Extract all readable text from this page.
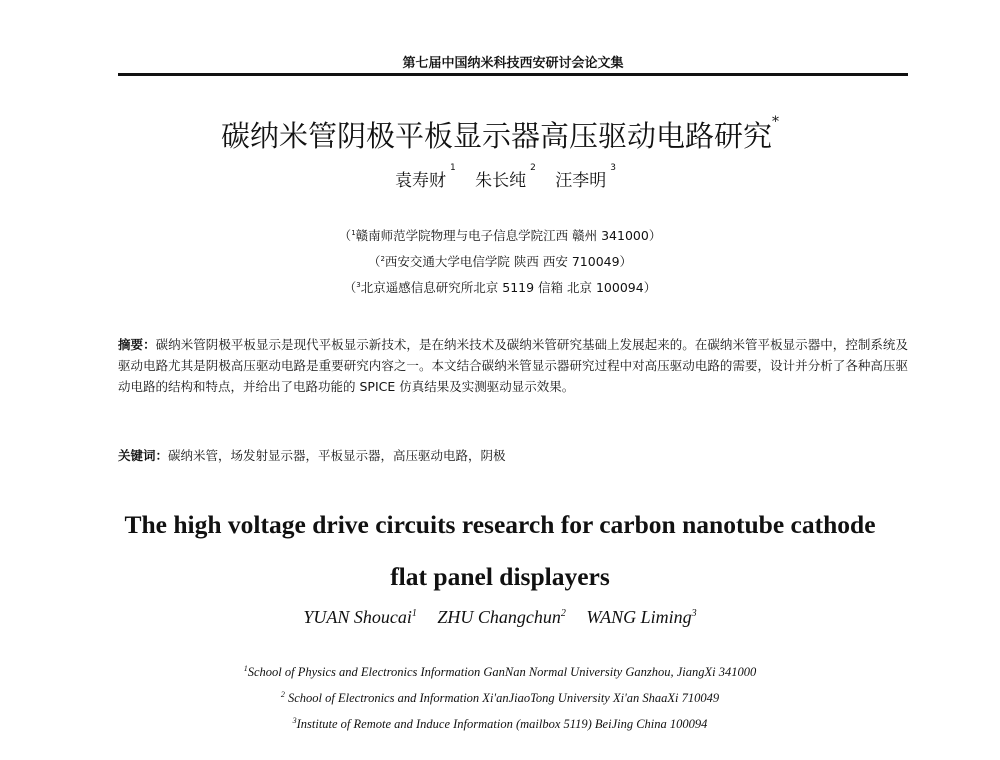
第七届中国纳米科技西安研讨会论文集
碳纳米管阴极平板显示器高压驱动电路研究*
袁寿财$^1$ 朱长纯$^2$ 汪李明$^3$
（$^1$赣南师范学院物理与电子信息学院江西 赣州 341000）
（$^2$西安交通大学电信学院 陕西 西安 710049）
（$^3$北京遥感信息研究所北京 5119 信箱 北京 100094）
摘要：碳纳米管阴极平板显示是现代平板显示新技术，是在纳米技术及碳纳米管研究基础上发展起来的。在碳纳米管平板显示器中，控制系统及驱动电路尤其是阴极高压驱动电路是重要研究内容之一。本文结合碳纳米管显示器研究过程中对高压驱动电路的需要，设计并分析了各种高压驱动电路的结构和特点，并给出了电路功能的 SPICE 仿真结果及实测驱动显示效果。
关键词：碳纳米管，场发射显示器，平板显示器，高压驱动电路，阴极
The high voltage drive circuits research for carbon nanotube cathode
flat panel displayers
YUAN Shoucai$^1$ ZHU Changchun$^2$ WANG Liming$^3$
$^1$School of Physics and Electronics Information GanNan Normal University Ganzhou, JiangXi 341000
$^2$ School of Electronics and Information Xi'anJiaoTong University Xi'an ShaaXi 710049
$^3$Institute of Remote and Induce Information (mailbox 5119) BeiJing China 100094
